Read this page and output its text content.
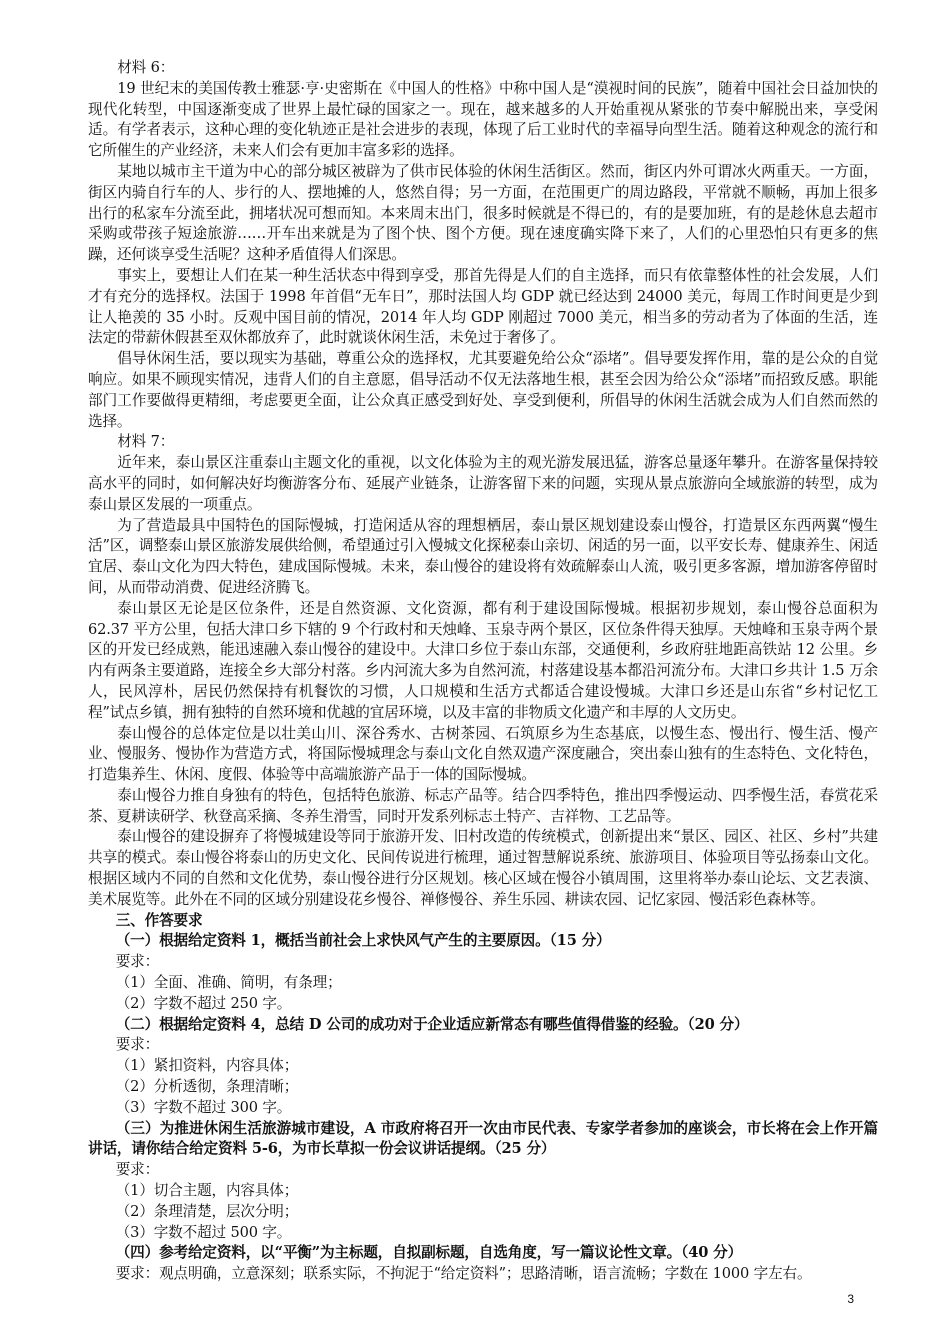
材料 6：

19 世纪末的美国传教士雅瑟·亨·史密斯在《中国人的性格》中称中国人是“漠视时间的民族”，随着中国社会日益加快的现代化转型，中国逐渐变成了世界上最忙碌的国家之一。现在，越来越多的人开始重视从紧张的节奏中解脱出来，享受闲适。有学者表示，这种心理的变化轨迹正是社会进步的表现，体现了后工业时代的幸福导向型生活。随着这种观念的流行和它所催生的产业经济，未来人们会有更加丰富多彩的选择。

某地以城市主干道为中心的部分城区被辟为了供市民体验的休闲生活街区。然而，街区内外可谓冰火两重天。一方面，街区内骑自行车的人、步行的人、摆地摊的人，悠然自得；另一方面，在范围更广的周边路段，平常就不顺畅，再加上很多出行的私家车分流至此，拥堵状况可想而知。本来周末出门，很多时候就是不得已的，有的是要加班，有的是趁休息去超市采购或带孩子短途旅游……开车出来就是为了图个快、图个方便。现在速度确实降下来了，人们的心里恐怕只有更多的焦躁，还何谈享受生活呢？这种矛盾值得人们深思。

事实上，要想让人们在某一种生活状态中得到享受，那首先得是人们的自主选择，而只有依靠整体性的社会发展，人们才有充分的选择权。法国于 1998 年首倡“无车日”，那时法国人均 GDP 就已经达到 24000 美元，每周工作时间更是少到让人艳羡的 35 小时。反观中国目前的情况，2014 年人均 GDP 刚超过 7000 美元，相当多的劳动者为了体面的生活，连法定的带薪休假甚至双休都放弃了，此时就谈休闲生活，未免过于奢侈了。

倡导休闲生活，要以现实为基础，尊重公众的选择权，尤其要避免给公众“添堵”。倡导要发挥作用，靠的是公众的自觉响应。如果不顾现实情况，违背人们的自主意愿，倡导活动不仅无法落地生根，甚至会因为给公众“添堵”而招致反感。职能部门工作要做得更精细，考虑要更全面，让公众真正感受到好处、享受到便利，所倡导的休闲生活就会成为人们自然而然的选择。

材料 7：

近年来，泰山景区注重泰山主题文化的重视，以文化体验为主的观光游发展迅猛，游客总量逐年攀升。在游客量保持较高水平的同时，如何解决好均衡游客分布、延展产业链条，让游客留下来的问题，实现从景点旅游向全域旅游的转型，成为泰山景区发展的一项重点。

为了营造最具中国特色的国际慢城，打造闲适从容的理想栖居，泰山景区规划建设泰山慢谷，打造景区东西两翼“慢生活”区，调整泰山景区旅游发展供给侧，希望通过引入慢城文化探秘泰山亲切、闲适的另一面，以平安长寿、健康养生、闲适宜居、泰山文化为四大特色，建成国际慢城。未来，泰山慢谷的建设将有效疏解泰山人流，吸引更多客源，增加游客停留时间，从而带动消费、促进经济腾飞。

泰山景区无论是区位条件，还是自然资源、文化资源，都有利于建设国际慢城。根据初步规划，泰山慢谷总面积为 62.37 平方公里，包括大津口乡下辖的 9 个行政村和天烛峰、玉泉寺两个景区，区位条件得天独厚。天烛峰和玉泉寺两个景区的开发已经成熟，能迅速融入泰山慢谷的建设中。大津口乡位于泰山东部，交通便利，乡政府驻地距高铁站 12 公里。乡内有两条主要道路，连接全乡大部分村落。乡内河流大多为自然河流，村落建设基本都沿河流分布。大津口乡共计 1.5 万余人，民风淳朴，居民仍然保持有机餐饮的习惯，人口规模和生活方式都适合建设慢城。大津口乡还是山东省“乡村记忆工程”试点乡镇，拥有独特的自然环境和优越的宜居环境，以及丰富的非物质文化遗产和丰厚的人文历史。

泰山慢谷的总体定位是以壮美山川、深谷秀水、古树茶园、石筑原乡为生态基底，以慢生态、慢出行、慢生活、慢产业、慢服务、慢协作为营造方式，将国际慢城理念与泰山文化自然双遗产深度融合，突出泰山独有的生态特色、文化特色，打造集养生、休闲、度假、体验等中高端旅游产品于一体的国际慢城。

泰山慢谷力推自身独有的特色，包括特色旅游、标志产品等。结合四季特色，推出四季慢运动、四季慢生活，春赏花采茶、夏耕读研学、秋登高采摘、冬养生滑雪，同时开发系列标志土特产、吉祥物、工艺品等。

泰山慢谷的建设摒弃了将慢城建设等同于旅游开发、旧村改造的传统模式，创新提出来“景区、园区、社区、乡村”共建共享的模式。泰山慢谷将泰山的历史文化、民间传说进行梳理，通过智慧解说系统、旅游项目、体验项目等弘扬泰山文化。根据区域内不同的自然和文化优势，泰山慢谷进行分区规划。核心区域在慢谷小镇周围，这里将举办泰山论坛、文艺表演、美术展览等。此外在不同的区域分别建设花乡慢谷、禅修慢谷、养生乐园、耕读农园、记忆家园、慢活彩色森林等。

三、作答要求

（一）根据给定资料 1，概括当前社会上求快风气产生的主要原因。（15 分）

要求：

（1）全面、准确、简明，有条理；

（2）字数不超过 250 字。

（二）根据给定资料 4，总结 D 公司的成功对于企业适应新常态有哪些值得借鉴的经验。（20 分）

要求：

（1）紧扣资料，内容具体；

（2）分析透彻，条理清晰；

（3）字数不超过 300 字。

（三）为推进休闲生活旅游城市建设，A 市政府将召开一次由市民代表、专家学者参加的座谈会，市长将在会上作开篇讲话，请你结合给定资料 5-6，为市长草拟一份会议讲话提纲。（25 分）

要求：

（1）切合主题，内容具体；

（2）条理清楚，层次分明；

（3）字数不超过 500 字。

（四）参考给定资料，以“平衡”为主标题，自拟副标题，自选角度，写一篇议论性文章。（40 分）

要求：观点明确，立意深刻；联系实际，不拘泥于“给定资料”；思路清晰，语言流畅；字数在 1000 字左右。

3
